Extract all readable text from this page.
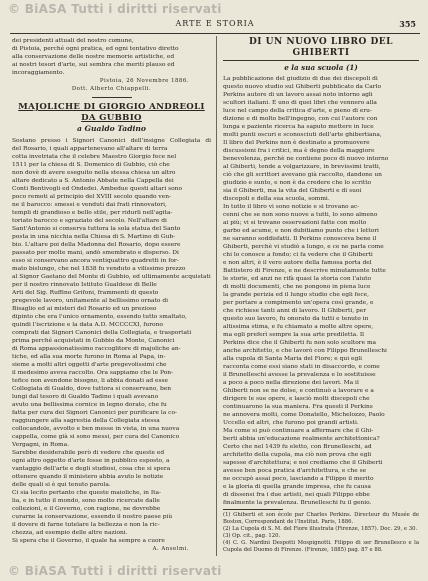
© BiASA Tutti i diritti riservati
ARTE E STORIA	355
dei presidenti attuali del nostro comune,
di Pistoia, perché ogni pratica, ed ogni tentativo diretto
alla conservazione delle nostre memorie artistiche, ed
ai nostri tesori d'arte, sui sembra che meriti plauso ed
incoraggiamento.
Pistoia, 26 Novembre 1886.
Dott. Alberto Chiappelli.
MAJOLICHE DI GIORGIO ANDREOLI DA GUBBIO
a Gualdo Tadino
Sostano presso i Signori Canonici dell'insigne Collegiata di
del Rosario, i quali appartenevano all'altare di terra
cotta invetriata che il celebre Maestro Giorgio fece nel
1511 per la chiesa di S. Domenico di Gubbio, ciò che
non dovè di avere eseguito nella stessa chiesa un altro
altare dedicato a S. Antonio Abbate nella Cappella dei
Conti Bentivogli ed Ondedei. Ambedue questi altari sono
poco remoti al principio del XVIII secolo quando ven-
ne il barocco: smessi e venduti dai frati rinnovatori,
templi di grandioso e bello stile, per ridurli nell'agita-
toriato barocco e sgraziato del secolo. Nell'altare di
Sant'Antonio si conserva tuttora la sola statua del Santo
posta in una nicchia nella Chiesa di S. Martino di Gub-
bio. L'altare poi della Madonna del Rosario, dopo essere
passato per molte mani, andò smembrato e disperso. Di
esso si conservano ancora ventiquattro quadretti in for-
mato bislungo, che nel 1838 fu venduto a vilissimo prezzo
al Signor Gaetano del Monte di Gubbio, ed ultimamente acquistati
per il nostro rinnovato Istituto Gualdese di Belle
Arti del Sig. Ruffino Grifoni, frammenti di questo
pregevole lavoro, unitamente al bellissimo ornato di
Bisaglio ed ai misteri del Rosario ed un prezioso
dipinto che era l'unico ornamento, essendo tutto smaltato,
quindi l'iscrizione e la data A.D. MCCCCXI, furono
comprati dai Signori Canonici della Collegiata, e trasportati
prima perché acquistati in Gubbio da Monte, Canonici
di Roma appassionatissimo raccoglitore di majoliche an-
tiche, ed alla sua morte furono in Roma al Papa, in-
sieme a molti altri oggetti d'arte pregevolissimi che
il medesimo aveva raccolto. Ora sappiamo che le Pon-
tefice non avendone bisogno, li abbia donati ad esse
Collegiata di Gualdo, dove tuttora si conservano, ben
lungi dal tesoro di Gualdo Tadino i quali avevano
avuto una bellissima cornice in legno dorato, che fu
fatta per cura dei Signori Canonici per purificare la co-
raggiungere alla sagrestia della Collegiata stessa
collocandole, avvolto e ben messe in vista, in una nuova
cappella, come già si sono messi, per cura del Canonico
Vergagni, in Roma.
Sarebbe desiderabile però di vedere che queste ed
ogni altro oggetto d'arte fosse in pubblico esposto, a
vantaggio dell'arte e degli studiosi, cosa che si spera
ottenere quando il ministero abbia avuto le notizie
delle quali si è qui tenuto parola.
Ci sia lecito pertanto che queste maioliche, in Ita-
lia, e in tutto il mondo, sono molto ricercate dalle
collezioni, e il Governo, con ragione, ne dovrebbe
curarne la conservazione, essendo il nostro paese più
il dovere di farne tutelare la bellezza e non la ric-
chezza, ad esempio delle altre nazioni.
Si spera che il Governo, il quale ha sempre a cuore
A. Anselmi.
DI UN NUOVO LIBRO DEL GHIBERTI
e la sua scuola (1)
La pubblicazione del giudizio di due dei discepoli di
questo nuovo studio sul Ghiberti pubblicato da Carlo
Perkins autore di un lavoro assai noto intorno agli
scultori italiani. È uno di quei libri che vennero alla
luce nel campo della critica d'arte, e pieno di eru-
dizione e di molto bell'ingegno, con cui l'autore con
lunga e paziente ricerca ha saputo mettere in luce
molti punti oscuri e sconosciuti dell'arte ghibertiana,
Il libro del Perkins non è destinato a promuovere
discussioni fra i critici, ma è degno della maggiore
benevolenza, perchè ne contiene poco di nuovo intorno
al Ghiberti, tende a volgarizzare, in brevissimi tratti,
ciò che gli scrittori avevano già raccolto, dandone un
giudizio e sunto, e non è da credere che lo scritto
sia il Ghiberti, ma la vita del Ghiberti e di suoi
discepoli e della sua scuola, sommi.
In tutto il libro vi sono notizie e si trovano ac-
cenni che se non sono nuove a tutti, lo sono almeno
ai più; vi si trovano osservazioni fatte con molto
garbo ed acume, e non dubitiamo punto che i lettori
ne saranno soddisfatti. Il Perkins conosceva bene il
Ghiberti, perchè vi studiò a lungo, e ce ne parla come
chi lo conosce a fondo; ci fa vedere che il Ghiberti
e non altri, è il vero autore della famosa porta del
Battistero di Firenze, e ne descrive minutamente tutte
le storie, ed anzi ne rifà quasi la storia con l'aiuto
di molti documenti, che ne pongono in piena luce
la grande perizia ed il lungo studio che egli fece,
per portare a compimento un'opera così grande, e
che richiese tanti anni di lavoro. Il Ghiberti, per
questo suo lavoro, fu onorato da tutti e tenuto in
altissima stima, e fu chiamato a molte altre opere,
ma egli preferì sempre la sua arte prediletta. Il
Perkins dice che il Ghiberti fu non solo scultore ma
anche architetto, e che lavorò con Filippo Brunelleschi
alla cupola di Santa Maria del Fiore; e qui egli
racconta come essi siano stati in disaccordo, e come
il Brunelleschi avesse la prevalenza e lo sostituisse
a poco a poco nella direzione dei lavori. Ma il
Ghiberti non se ne dolse, e continuò a lavorare e a
dirigere le sue opere, e lasciò molti discepoli che
continuarono la sua maniera. Fra questi il Perkins
ne annovera molti, come Donatello, Michelozzo, Paolo
Uccello ed altri, che furono poi grandi artisti.
Ma come si può continuare a affermare che il Ghi-
berti abbia un'educazione realmente architettonica?
Certo che nel 1439 fu eletto, con Brunelleschi, ad
architetto della cupola, ma ciò non prova che egli
sapesse d'architettura; e noi crediamo che il Ghiberti
avesse ben poca pratica d'architettura, e che se
ne occupò assai poco, lasciando a Filippo il merito
e la gloria di quella grande impresa, che fu causa
di dissensi fra i due artisti, nei quali Filippo ebbe
finalmente la prevalenza. Brunelleschi fu il genio.

(1) Ghiberti et son école par Charles Perkins. Directeur du Musée de Boston, Correspondant de l'Institut. Paris, 1886.

(2) La Cupola di S. M. del Fiore illustrata (Firenze, 1857). Doc. 29, e 30.

(3) Op. cit., pag. 120.

(4) C. G. Nardini Despotti Mospignotti. Filippo di ser Brunellesco e la Cupola del Duomo di Firenze. (Firenze, 1885) pag. 87 e 88.

© BiASA Tutti i diritti riservati
